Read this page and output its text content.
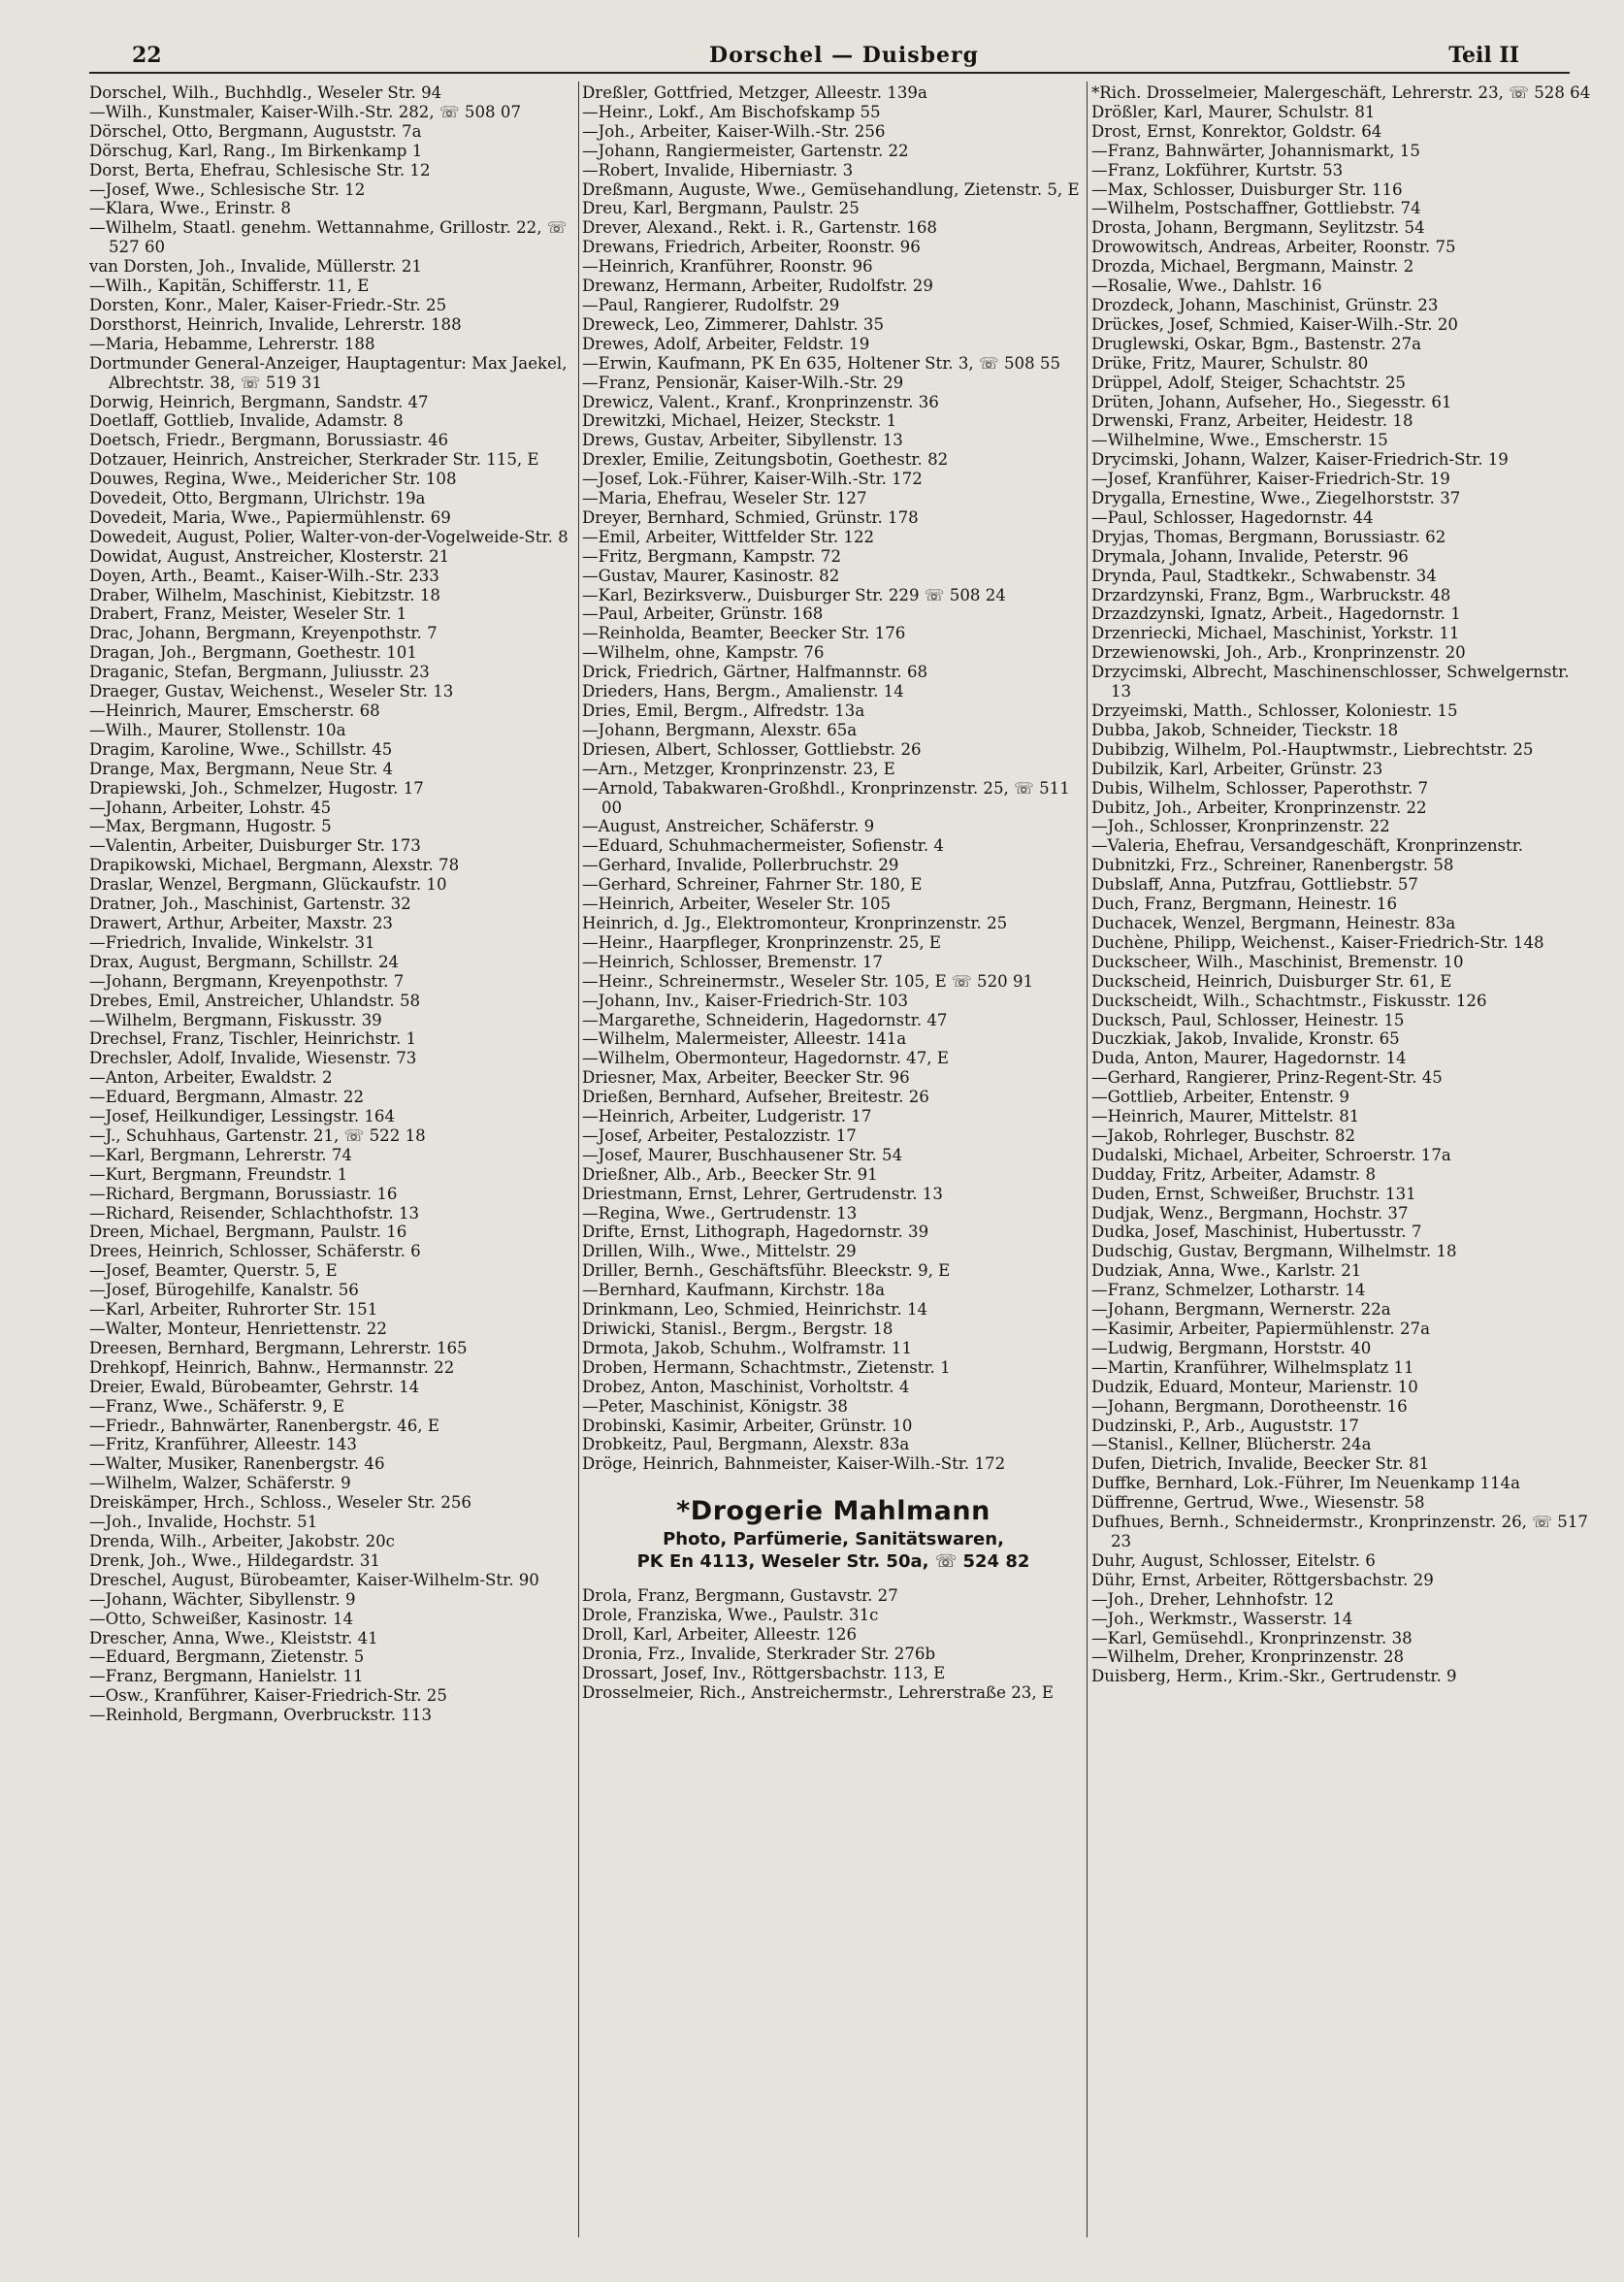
22	Dorschel — Duisberg	Teil II
Dorschel, Wilh., Buchhdlg., Weseler Str. 94
—Wilh., Kunstmaler, Kaiser-Wilh.-Str. 282, ☏ 508 07
Dörschel, Otto, Bergmann, Auguststr. 7a
Dörschug, Karl, Rang., Im Birkenkamp 1
Dorst, Berta, Ehefrau, Schlesische Str. 12
—Josef, Wwe., Schlesische Str. 12
—Klara, Wwe., Erinstr. 8
—Wilhelm, Staatl. genehm. Wettannahme, Grillostr. 22, ☏ 527 60
van Dorsten, Joh., Invalide, Müllerstr. 21
—Wilh., Kapitän, Schifferstr. 11, E
Dorsten, Konr., Maler, Kaiser-Friedr.-Str. 25
Dorsthorst, Heinrich, Invalide, Lehrerstr. 188
—Maria, Hebamme, Lehrerstr. 188
Dortmunder General-Anzeiger, Hauptagentur: Max Jaekel, Albrechtstr. 38, ☏ 519 31
Dorwig, Heinrich, Bergmann, Sandstr. 47
Doetlaff, Gottlieb, Invalide, Adamstr. 8
Doetsch, Friedr., Bergmann, Borussiastr. 46
Dotzauer, Heinrich, Anstreicher, Sterkrader Str. 115, E
Douwes, Regina, Wwe., Meidericher Str. 108
Dovedeit, Otto, Bergmann, Ulrichstr. 19a
Dovedeit, Maria, Wwe., Papiermühlenstr. 69
Dowedeit, August, Polier, Walter-von-der-Vogelweide-Str. 8
Dowidat, August, Anstreicher, Klosterstr. 21
Doyen, Arth., Beamt., Kaiser-Wilh.-Str. 233
Draber, Wilhelm, Maschinist, Kiebitzstr. 18
Drabert, Franz, Meister, Weseler Str. 1
Drac, Johann, Bergmann, Kreyenpothstr. 7
Dragan, Joh., Bergmann, Goethestr. 101
Draganic, Stefan, Bergmann, Juliusstr. 23
Draeger, Gustav, Weichenst., Weseler Str. 13
—Heinrich, Maurer, Emscherstr. 68
—Wilh., Maurer, Stollenstr. 10a
Dragim, Karoline, Wwe., Schillstr. 45
Drange, Max, Bergmann, Neue Str. 4
Drapiewski, Joh., Schmelzer, Hugostr. 17
—Johann, Arbeiter, Lohstr. 45
—Max, Bergmann, Hugostr. 5
—Valentin, Arbeiter, Duisburger Str. 173
Drapikowski, Michael, Bergmann, Alexstr. 78
Draslar, Wenzel, Bergmann, Glückaufstr. 10
Dratner, Joh., Maschinist, Gartenstr. 32
Drawert, Arthur, Arbeiter, Maxstr. 23
—Friedrich, Invalide, Winkelstr. 31
Drax, August, Bergmann, Schillstr. 24
—Johann, Bergmann, Kreyenpothstr. 7
Drebes, Emil, Anstreicher, Uhlandstr. 58
—Wilhelm, Bergmann, Fiskusstr. 39
Drechsel, Franz, Tischler, Heinrichstr. 1
Drechsler, Adolf, Invalide, Wiesenstr. 73
—Anton, Arbeiter, Ewaldstr. 2
—Eduard, Bergmann, Almastr. 22
—Josef, Heilkundiger, Lessingstr. 164
—J., Schuhhaus, Gartenstr. 21, ☏ 522 18
—Karl, Bergmann, Lehrerstr. 74
—Kurt, Bergmann, Freundstr. 1
—Richard, Bergmann, Borussiastr. 16
—Richard, Reisender, Schlachthofstr. 13
Dreen, Michael, Bergmann, Paulstr. 16
Drees, Heinrich, Schlosser, Schäferstr. 6
—Josef, Beamter, Querstr. 5, E
—Josef, Bürogehilfe, Kanalstr. 56
—Karl, Arbeiter, Ruhrorter Str. 151
—Walter, Monteur, Henriettenstr. 22
Dreesen, Bernhard, Bergmann, Lehrerstr. 165
Drehkopf, Heinrich, Bahnw., Hermannstr. 22
Dreier, Ewald, Bürobeamter, Gehrstr. 14
—Franz, Wwe., Schäferstr. 9, E
—Friedr., Bahnwärter, Ranenbergstr. 46, E
—Fritz, Kranführer, Alleestr. 143
—Walter, Musiker, Ranenbergstr. 46
—Wilhelm, Walzer, Schäferstr. 9
Dreiskämper, Hrch., Schloss., Weseler Str. 256
—Joh., Invalide, Hochstr. 51
Drenda, Wilh., Arbeiter, Jakobstr. 20c
Drenk, Joh., Wwe., Hildegardstr. 31
Dreschel, August, Bürobeamter, Kaiser-Wilhelm-Str. 90
—Johann, Wächter, Sibyllenstr. 9
—Otto, Schweißer, Kasinostr. 14
Drescher, Anna, Wwe., Kleiststr. 41
—Eduard, Bergmann, Zietenstr. 5
—Franz, Bergmann, Hanielstr. 11
—Osw., Kranführer, Kaiser-Friedrich-Str. 25
—Reinhold, Bergmann, Overbruckstr. 113
Dreßler, Gottfried, Metzger, Alleestr. 139a
—Heinr., Lokf., Am Bischofskamp 55
—Joh., Arbeiter, Kaiser-Wilh.-Str. 256
—Johann, Rangiermeister, Gartenstr. 22
—Robert, Invalide, Hiberniastr. 3
Dreßmann, Auguste, Wwe., Gemüsehandlung, Zietenstr. 5, E
Dreu, Karl, Bergmann, Paulstr. 25
Drever, Alexand., Rekt. i. R., Gartenstr. 168
Drewans, Friedrich, Arbeiter, Roonstr. 96
—Heinrich, Kranführer, Roonstr. 96
Drewanz, Hermann, Arbeiter, Rudolfstr. 29
—Paul, Rangierer, Rudolfstr. 29
Dreweck, Leo, Zimmerer, Dahlstr. 35
Drewes, Adolf, Arbeiter, Feldstr. 19
—Erwin, Kaufmann, PK En 635, Holtener Str. 3, ☏ 508 55
—Franz, Pensionär, Kaiser-Wilh.-Str. 29
Drewicz, Valent., Kranf., Kronprinzenstr. 36
Drewitzki, Michael, Heizer, Steckstr. 1
Drews, Gustav, Arbeiter, Sibyllenstr. 13
Drexler, Emilie, Zeitungsbotin, Goethestr. 82
—Josef, Lok.-Führer, Kaiser-Wilh.-Str. 172
—Maria, Ehefrau, Weseler Str. 127
Dreyer, Bernhard, Schmied, Grünstr. 178
—Emil, Arbeiter, Wittfelder Str. 122
—Fritz, Bergmann, Kampstr. 72
—Gustav, Maurer, Kasinostr. 82
—Karl, Bezirksverw., Duisburger Str. 229 ☏ 508 24
—Paul, Arbeiter, Grünstr. 168
—Reinholda, Beamter, Beecker Str. 176
—Wilhelm, ohne, Kampstr. 76
Drick, Friedrich, Gärtner, Halfmannstr. 68
Drieders, Hans, Bergm., Amalienstr. 14
Dries, Emil, Bergm., Alfredstr. 13a
—Johann, Bergmann, Alexstr. 65a
Driesen, Albert, Schlosser, Gottliebstr. 26
—Arn., Metzger, Kronprinzenstr. 23, E
—Arnold, Tabakwaren-Großhdl., Kronprinzenstr. 25, ☏ 511 00
—August, Anstreicher, Schäferstr. 9
—Eduard, Schuhmachermeister, Sofienstr. 4
—Gerhard, Invalide, Pollerbruchstr. 29
—Gerhard, Schreiner, Fahrner Str. 180, E
—Heinrich, Arbeiter, Weseler Str. 105
Heinrich, d. Jg., Elektromonteur, Kronprinzenstr. 25
—Heinr., Haarpfleger, Kronprinzenstr. 25, E
—Heinrich, Schlosser, Bremenstr. 17
—Heinr., Schreinermstr., Weseler Str. 105, E ☏ 520 91
—Johann, Inv., Kaiser-Friedrich-Str. 103
—Margarethe, Schneiderin, Hagedornstr. 47
—Wilhelm, Malermeister, Alleestr. 141a
—Wilhelm, Obermonteur, Hagedornstr. 47, E
Driesner, Max, Arbeiter, Beecker Str. 96
Drießen, Bernhard, Aufseher, Breitestr. 26
—Heinrich, Arbeiter, Ludgeristr. 17
—Josef, Arbeiter, Pestalozzistr. 17
—Josef, Maurer, Buschhausener Str. 54
Drießner, Alb., Arb., Beecker Str. 91
Driestmann, Ernst, Lehrer, Gertrudenstr. 13
—Regina, Wwe., Gertrudenstr. 13
Drifte, Ernst, Lithograph, Hagedornstr. 39
Drillen, Wilh., Wwe., Mittelstr. 29
Driller, Bernh., Geschäftsführ. Bleeckstr. 9, E
—Bernhard, Kaufmann, Kirchstr. 18a
Drinkmann, Leo, Schmied, Heinrichstr. 14
Driwicki, Stanisl., Bergm., Bergstr. 18
Drmota, Jakob, Schuhm., Wolframstr. 11
Droben, Hermann, Schachtmstr., Zietenstr. 1
Drobez, Anton, Maschinist, Vorholtstr. 4
—Peter, Maschinist, Königstr. 38
Drobinski, Kasimir, Arbeiter, Grünstr. 10
Drobkeitz, Paul, Bergmann, Alexstr. 83a
Dröge, Heinrich, Bahnmeister, Kaiser-Wilh.-Str. 172
*Drogerie Mahlmann
Photo, Parfümerie, Sanitätswaren,
PK En 4113, Weseler Str. 50a, ☏ 524 82
Drola, Franz, Bergmann, Gustavstr. 27
Drole, Franziska, Wwe., Paulstr. 31c
Droll, Karl, Arbeiter, Alleestr. 126
Dronia, Frz., Invalide, Sterkrader Str. 276b
Drossart, Josef, Inv., Röttgersbachstr. 113, E
Drosselmeier, Rich., Anstreichermstr., Lehrerstraße 23, E
*Rich. Drosselmeier, Malergeschäft, Lehrerstr. 23, ☏ 528 64
Drößler, Karl, Maurer, Schulstr. 81
Drost, Ernst, Konrektor, Goldstr. 64
—Franz, Bahnwärter, Johannismarkt, 15
—Franz, Lokführer, Kurtstr. 53
—Max, Schlosser, Duisburger Str. 116
—Wilhelm, Postschaffner, Gottliebstr. 74
Drosta, Johann, Bergmann, Seylitzstr. 54
Drowowitsch, Andreas, Arbeiter, Roonstr. 75
Drozda, Michael, Bergmann, Mainstr. 2
—Rosalie, Wwe., Dahlstr. 16
Drozdeck, Johann, Maschinist, Grünstr. 23
Drückes, Josef, Schmied, Kaiser-Wilh.-Str. 20
Druglewski, Oskar, Bgm., Bastenstr. 27a
Drüke, Fritz, Maurer, Schulstr. 80
Drüppel, Adolf, Steiger, Schachtstr. 25
Drüten, Johann, Aufseher, Ho., Siegesstr. 61
Drwenski, Franz, Arbeiter, Heidestr. 18
—Wilhelmine, Wwe., Emscherstr. 15
Drycimski, Johann, Walzer, Kaiser-Friedrich-Str. 19
—Josef, Kranführer, Kaiser-Friedrich-Str. 19
Drygalla, Ernestine, Wwe., Ziegelhorststr. 37
—Paul, Schlosser, Hagedornstr. 44
Dryjas, Thomas, Bergmann, Borussiastr. 62
Drymala, Johann, Invalide, Peterstr. 96
Drynda, Paul, Stadtkekr., Schwabenstr. 34
Drzardzynski, Franz, Bgm., Warbruckstr. 48
Drzazdzynski, Ignatz, Arbeit., Hagedornstr. 1
Drzenriecki, Michael, Maschinist, Yorkstr. 11
Drzewienowski, Joh., Arb., Kronprinzenstr. 20
Drzycimski, Albrecht, Maschinenschlosser, Schwelgernstr. 13
Drzyeimski, Matth., Schlosser, Koloniestr. 15
Dubba, Jakob, Schneider, Tieckstr. 18
Dubibzig, Wilhelm, Pol.-Hauptwmstr., Liebrechtstr. 25
Dubilzik, Karl, Arbeiter, Grünstr. 23
Dubis, Wilhelm, Schlosser, Paperothstr. 7
Dubitz, Joh., Arbeiter, Kronprinzenstr. 22
—Joh., Schlosser, Kronprinzenstr. 22
—Valeria, Ehefrau, Versandgeschäft, Kronprinzenstr.
Dubnitzki, Frz., Schreiner, Ranenbergstr. 58
Dubslaff, Anna, Putzfrau, Gottliebstr. 57
Duch, Franz, Bergmann, Heinestr. 16
Duchacek, Wenzel, Bergmann, Heinestr. 83a
Duchène, Philipp, Weichenst., Kaiser-Friedrich-Str. 148
Duckscheer, Wilh., Maschinist, Bremenstr. 10
Duckscheid, Heinrich, Duisburger Str. 61, E
Duckscheidt, Wilh., Schachtmstr., Fiskusstr. 126
Ducksch, Paul, Schlosser, Heinestr. 15
Duczkiak, Jakob, Invalide, Kronstr. 65
Duda, Anton, Maurer, Hagedornstr. 14
—Gerhard, Rangierer, Prinz-Regent-Str. 45
—Gottlieb, Arbeiter, Entenstr. 9
—Heinrich, Maurer, Mittelstr. 81
—Jakob, Rohrleger, Buschstr. 82
Dudalski, Michael, Arbeiter, Schroerstr. 17a
Dudday, Fritz, Arbeiter, Adamstr. 8
Duden, Ernst, Schweißer, Bruchstr. 131
Dudjak, Wenz., Bergmann, Hochstr. 37
Dudka, Josef, Maschinist, Hubertusstr. 7
Dudschig, Gustav, Bergmann, Wilhelmstr. 18
Dudziak, Anna, Wwe., Karlstr. 21
—Franz, Schmelzer, Lotharstr. 14
—Johann, Bergmann, Wernerstr. 22a
—Kasimir, Arbeiter, Papiermühlenstr. 27a
—Ludwig, Bergmann, Horststr. 40
—Martin, Kranführer, Wilhelmsplatz 11
Dudzik, Eduard, Monteur, Marienstr. 10
—Johann, Bergmann, Dorotheenstr. 16
Dudzinski, P., Arb., Auguststr. 17
—Stanisl., Kellner, Blücherstr. 24a
Dufen, Dietrich, Invalide, Beecker Str. 81
Duffke, Bernhard, Lok.-Führer, Im Neuenkamp 114a
Düffrenne, Gertrud, Wwe., Wiesenstr. 58
Dufhues, Bernh., Schneidermstr., Kronprinzenstr. 26, ☏ 517 23
Duhr, August, Schlosser, Eitelstr. 6
Dühr, Ernst, Arbeiter, Röttgersbachstr. 29
—Joh., Dreher, Lehnhofstr. 12
—Joh., Werkmstr., Wasserstr. 14
—Karl, Gemüsehdl., Kronprinzenstr. 38
—Wilhelm, Dreher, Kronprinzenstr. 28
Duisberg, Herm., Krim.-Skr., Gertrudenstr. 9
